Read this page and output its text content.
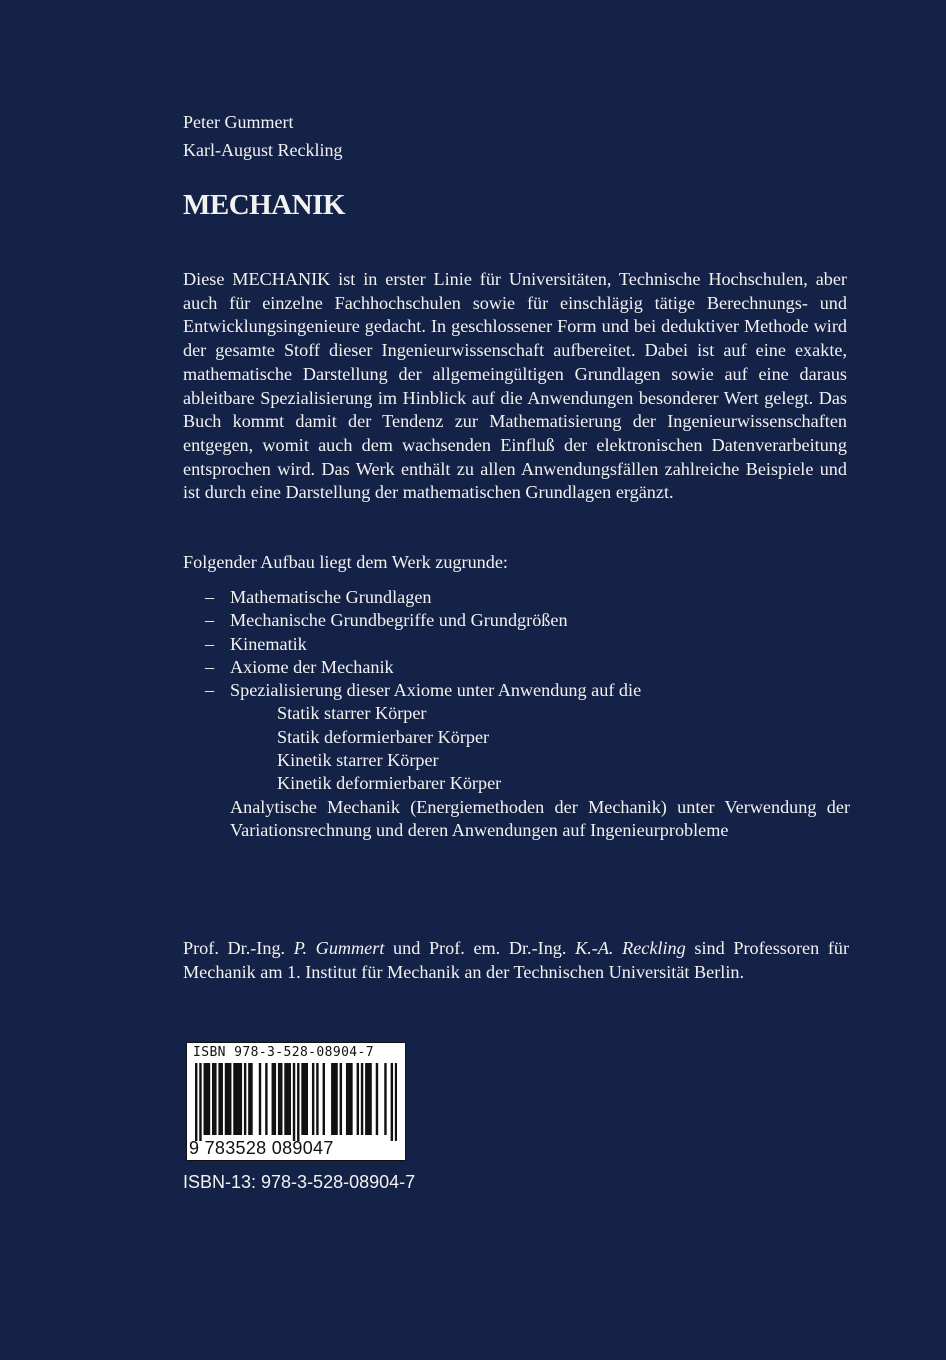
Peter Gummert
Karl-August Reckling
MECHANIK

Diese MECHANIK ist in erster Linie für Universitäten, Technische Hochschulen, aber auch für einzelne Fachhochschulen sowie für einschlägig tätige Berechnungs- und Entwicklungsingenieure gedacht. In geschlossener Form und bei deduktiver Methode wird der gesamte Stoff dieser Ingenieurwissenschaft aufbereitet. Dabei ist auf eine exakte, mathematische Darstellung der allgemeingültigen Grundlagen sowie auf eine daraus ableitbare Spezialisierung im Hinblick auf die Anwendungen besonderer Wert gelegt. Das Buch kommt damit der Tendenz zur Mathematisierung der Ingenieurwissenschaften entgegen, womit auch dem wachsenden Einfluß der elektronischen Datenverarbeitung entsprochen wird. Das Werk enthält zu allen Anwendungsfällen zahlreiche Beispiele und ist durch eine Darstellung der mathematischen Grundlagen ergänzt.

Folgender Aufbau liegt dem Werk zugrunde:

– Mathematische Grundlagen
– Mechanische Grundbegriffe und Grundgrößen
– Kinematik
– Axiome der Mechanik
– Spezialisierung dieser Axiome unter Anwendung auf die
Statik starrer Körper
Statik deformierbarer Körper
Kinetik starrer Körper
Kinetik deformierbarer Körper
Analytische Mechanik (Energiemethoden der Mechanik) unter Verwendung der Variationsrechnung und deren Anwendungen auf Ingenieurprobleme

Prof. Dr.-Ing. P. Gummert und Prof. em. Dr.-Ing. K.-A. Reckling sind Professoren für Mechanik am 1. Institut für Mechanik an der Technischen Universität Berlin.

ISBN 978-3-528-08904-7
9 783528 089047
ISBN-13: 978-3-528-08904-7
